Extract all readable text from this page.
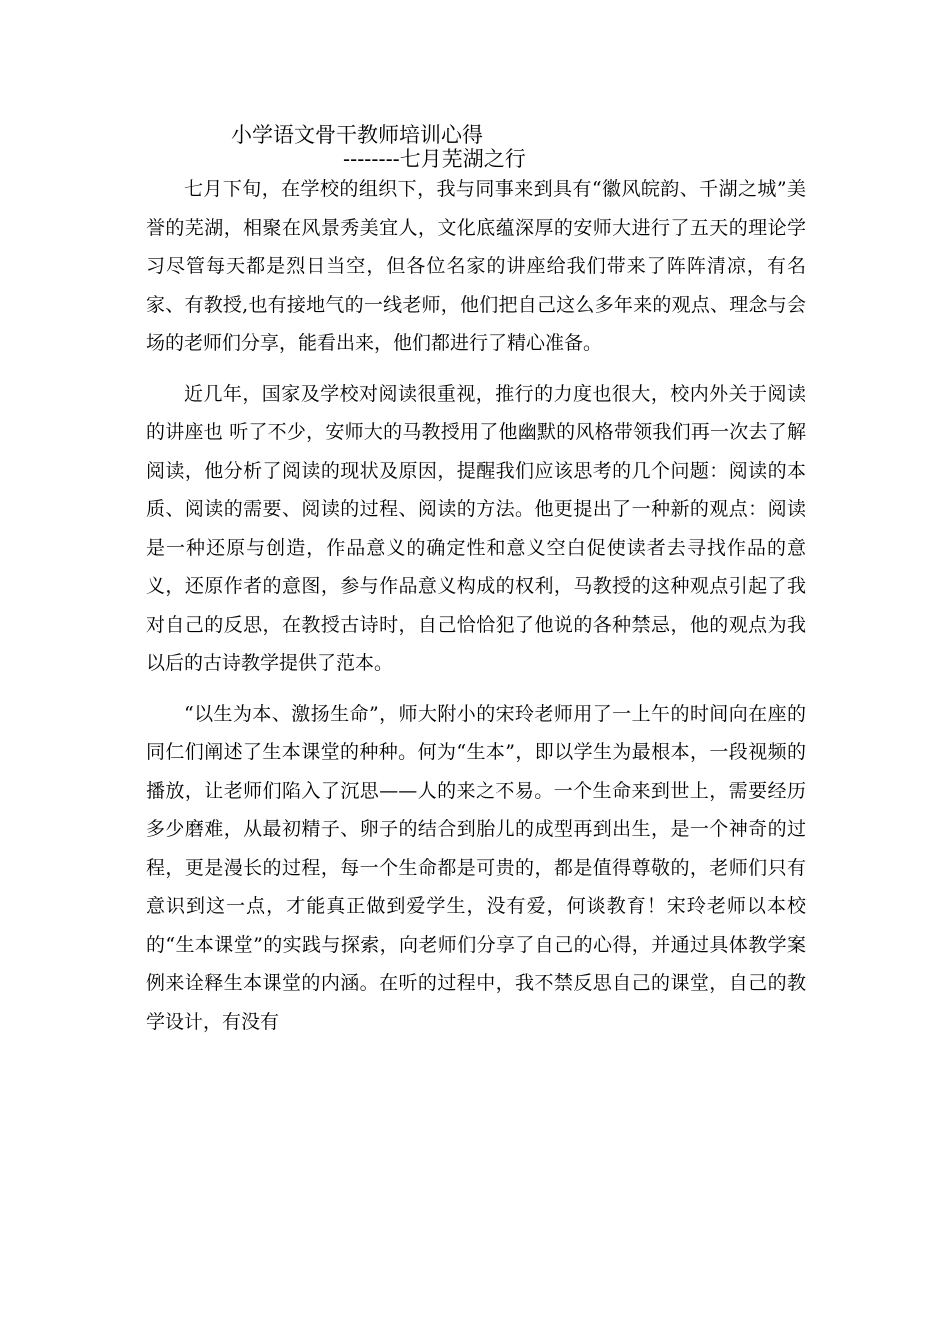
小学语文骨干教师培训心得
--------七月芜湖之行

七月下旬，在学校的组织下，我与同事来到具有“徽风皖韵、千湖之城”美誉的芜湖，相聚在风景秀美宜人，文化底蕴深厚的安师大进行了五天的理论学习尽管每天都是烈日当空，但各位名家的讲座给我们带来了阵阵清凉，有名家、有教授,也有接地气的一线老师，他们把自己这么多年来的观点、理念与会场的老师们分享，能看出来，他们都进行了精心准备。

近几年，国家及学校对阅读很重视，推行的力度也很大，校内外关于阅读的讲座也 听了不少，安师大的马教授用了他幽默的风格带领我们再一次去了解阅读，他分析了阅读的现状及原因，提醒我们应该思考的几个问题：阅读的本质、阅读的需要、阅读的过程、阅读的方法。他更提出了一种新的观点：阅读是一种还原与创造，作品意义的确定性和意义空白促使读者去寻找作品的意义，还原作者的意图，参与作品意义构成的权利，马教授的这种观点引起了我对自己的反思，在教授古诗时，自己恰恰犯了他说的各种禁忌，他的观点为我以后的古诗教学提供了范本。

“以生为本、激扬生命”，师大附小的宋玲老师用了一上午的时间向在座的同仁们阐述了生本课堂的种种。何为“生本”，即以学生为最根本，一段视频的播放，让老师们陷入了沉思——人的来之不易。一个生命来到世上，需要经历多少磨难，从最初精子、卵子的结合到胎儿的成型再到出生，是一个神奇的过程，更是漫长的过程，每一个生命都是可贵的，都是值得尊敬的，老师们只有意识到这一点，才能真正做到爱学生，没有爱，何谈教育！宋玲老师以本校的“生本课堂”的实践与探索，向老师们分享了自己的心得，并通过具体教学案例来诠释生本课堂的内涵。在听的过程中，我不禁反思自己的课堂，自己的教学设计，有没有
